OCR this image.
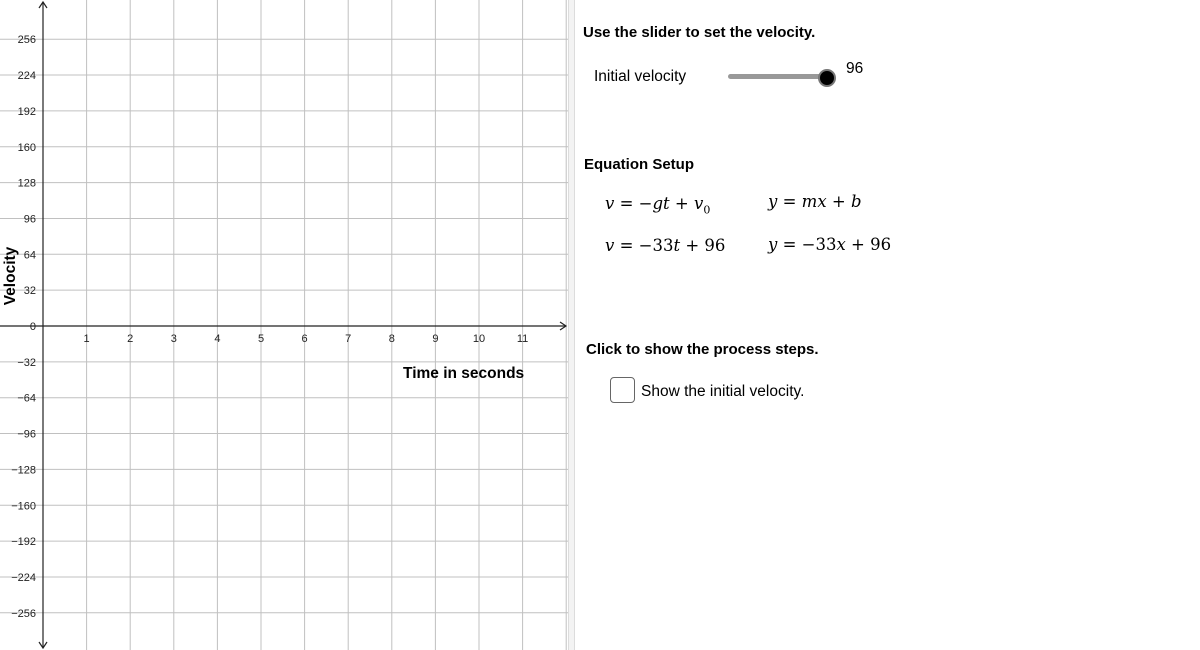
1	2	3	4	5	6	7	8	9	10	11
256
224
192
160
128
96
64
32
0
−32
−64
−96
−128
−160
−192
−224
−256
Time in seconds
Velocity
Use the slider to set the velocity.
Initial velocity	96
Equation Setup
$v = -gt + v_0$	y = mx + b
v = −33t + 96	y = −33x + 96
Click to show the process steps.
Show the initial velocity.
